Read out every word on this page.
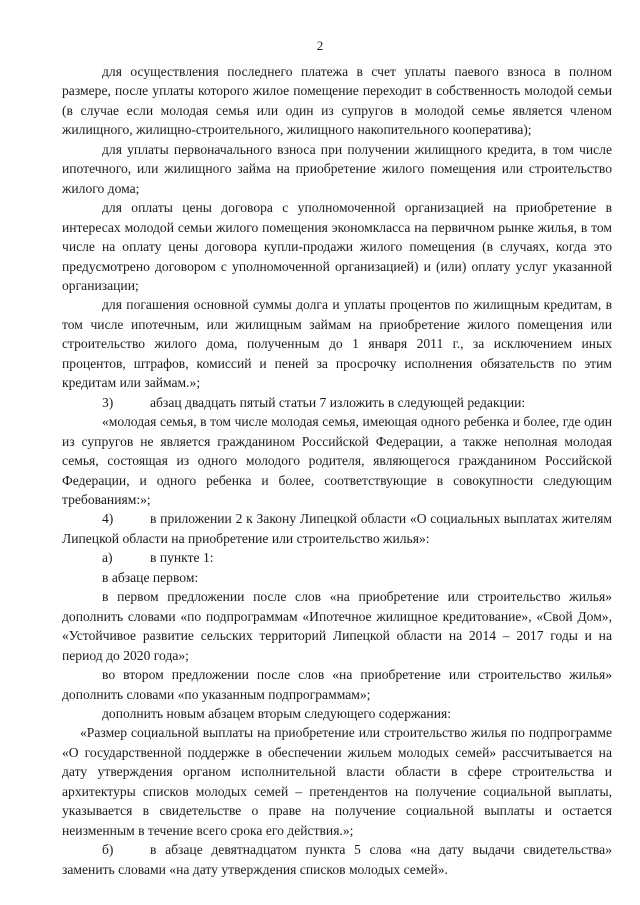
2

для осуществления последнего платежа в счет уплаты паевого взноса в полном размере, после уплаты которого жилое помещение переходит в собственность молодой семьи (в случае если молодая семья или один из супругов в молодой семье является членом жилищного, жилищно-строительного, жилищного накопительного кооператива);

для уплаты первоначального взноса при получении жилищного кредита, в том числе ипотечного, или жилищного займа на приобретение жилого помещения или строительство жилого дома;

для оплаты цены договора с уполномоченной организацией на приобретение в интересах молодой семьи жилого помещения экономкласса на первичном рынке жилья, в том числе на оплату цены договора купли-продажи жилого помещения (в случаях, когда это предусмотрено договором с уполномоченной организацией) и (или) оплату услуг указанной организации;

для погашения основной суммы долга и уплаты процентов по жилищным кредитам, в том числе ипотечным, или жилищным займам на приобретение жилого помещения или строительство жилого дома, полученным до 1 января 2011 г., за исключением иных процентов, штрафов, комиссий и пеней за просрочку исполнения обязательств по этим кредитам или займам.»;

3)	абзац двадцать пятый статьи 7 изложить в следующей редакции:

«молодая семья, в том числе молодая семья, имеющая одного ребенка и более, где один из супругов не является гражданином Российской Федерации, а также неполная молодая семья, состоящая из одного молодого родителя, являющегося гражданином Российской Федерации, и одного ребенка и более, соответствующие в совокупности следующим требованиям:»;

4)	в приложении 2 к Закону Липецкой области «О социальных выплатах жителям Липецкой области на приобретение или строительство жилья»:

а)	в пункте 1:

в абзаце первом:

в первом предложении после слов «на приобретение или строительство жилья» дополнить словами «по подпрограммам «Ипотечное жилищное кредитование», «Свой Дом», «Устойчивое развитие сельских территорий Липецкой области на 2014 – 2017 годы и на период до 2020 года»;

во втором предложении после слов «на приобретение или строительство жилья» дополнить словами «по указанным подпрограммам»;

дополнить новым абзацем вторым следующего содержания:

«Размер социальной выплаты на приобретение или строительство жилья по подпрограмме «О государственной поддержке в обеспечении жильем молодых семей» рассчитывается на дату утверждения органом исполнительной власти области в сфере строительства и архитектуры списков молодых семей – претендентов на получение социальной выплаты, указывается в свидетельстве о праве на получение социальной выплаты и остается неизменным в течение всего срока его действия.»;

б)	в абзаце девятнадцатом пункта 5 слова «на дату выдачи свидетельства» заменить словами «на дату утверждения списков молодых семей».
